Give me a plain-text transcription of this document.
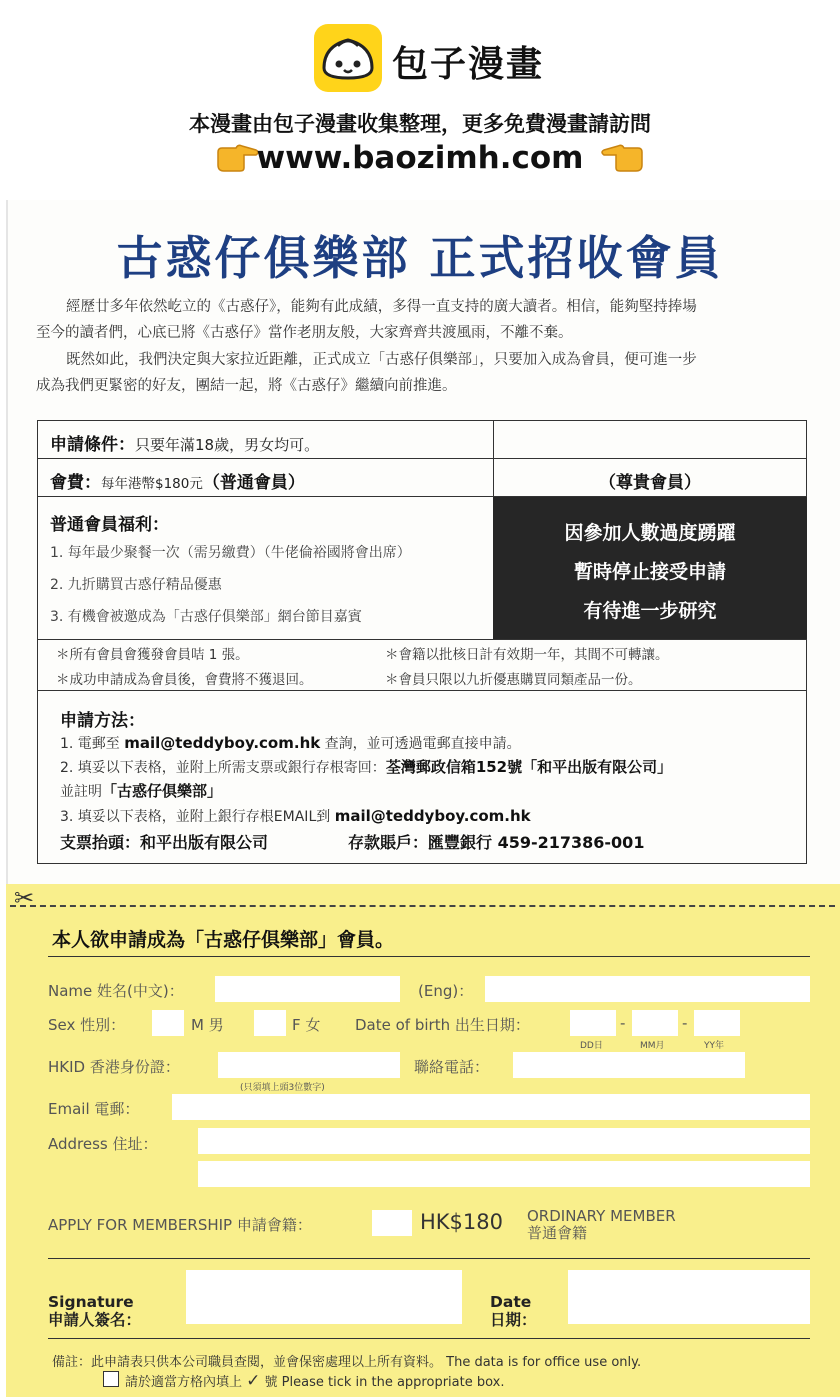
包子漫畫
本漫畫由包子漫畫收集整理，更多免費漫畫請訪問
www.baozimh.com
古惑仔俱樂部 正式招收會員
經歷廿多年依然屹立的《古惑仔》，能夠有此成績，多得一直支持的廣大讀者。相信，能夠堅持捧場
至今的讀者們，心底已將《古惑仔》當作老朋友般，大家齊齊共渡風雨，不離不棄。
既然如此，我們決定與大家拉近距離，正式成立「古惑仔俱樂部」，只要加入成為會員，便可進一步
成為我們更緊密的好友，團結一起，將《古惑仔》繼續向前推進。
申請條件：只要年滿18歲，男女均可。
會費：每年港幣$180元（普通會員）	（尊貴會員）
普通會員福利：
1. 每年最少聚餐一次（需另繳費）（牛佬倫裕國將會出席）
2. 九折購買古惑仔精品優惠
3. 有機會被邀成為「古惑仔俱樂部」網台節目嘉賓
因參加人數過度踴躍
暫時停止接受申請
有待進一步研究
＊所有會員會獲發會員咭 1 張。	＊會籍以批核日計有效期一年，其間不可轉讓。
＊成功申請成為會員後，會費將不獲退回。	＊會員只限以九折優惠購買同類產品一份。
申請方法：
1. 電郵至 mail@teddyboy.com.hk 查詢，並可透過電郵直接申請。
2. 填妥以下表格，並附上所需支票或銀行存根寄回：荃灣郵政信箱152號「和平出版有限公司」
並註明「古惑仔俱樂部」
3. 填妥以下表格，並附上銀行存根EMAIL到 mail@teddyboy.com.hk
支票抬頭：和平出版有限公司	存款賬戶：匯豐銀行 459-217386-001
✂
本人欲申請成為「古惑仔俱樂部」會員。
Name 姓名(中文)：	(Eng)：
Sex 性別：	M 男	F 女 Date of birth 出生日期：	-	-
DD日	MM月	YY年
HKID 香港身份證：
(只須填上頭3位數字)
聯絡電話：
Email 電郵：
Address 住址：
APPLY FOR MEMBERSHIP 申請會籍：	HK$180 ORDINARY MEMBER
普通會籍
Signature
申請人簽名：
Date
日期：
備註：此申請表只供本公司職員查閱，並會保密處理以上所有資料。 The data is for office use only.
請於適當方格內填上 ✓ 號 Please tick in the appropriate box.
